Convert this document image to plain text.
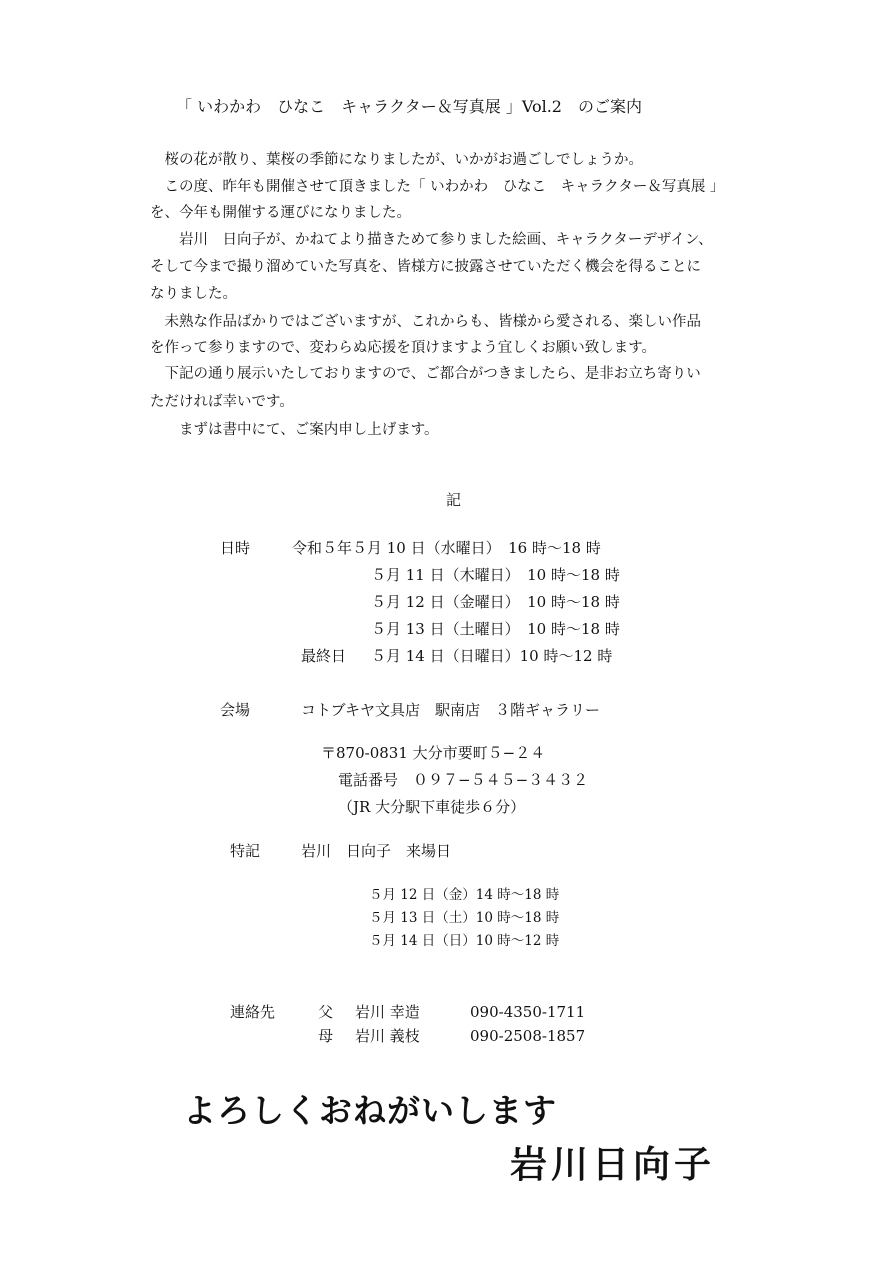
「 いわかわ　ひなこ　キャラクター＆写真展 」Vol.2　のご案内
　桜の花が散り、葉桜の季節になりましたが、いかがお過ごしでしょうか。
　この度、昨年も開催させて頂きました「 いわかわ　ひなこ　キャラクター＆写真展 」
を、今年も開催する運びになりました。
　　岩川　日向子が、かねてより描きためて参りました絵画、キャラクターデザイン、
そして今まで撮り溜めていた写真を、皆様方に披露させていただく機会を得ることに
なりました。
　未熟な作品ばかりではございますが、これからも、皆様から愛される、楽しい作品
を作って参りますので、変わらぬ応援を頂けますよう宜しくお願い致します。
　下記の通り展示いたしておりますので、ご都合がつきましたら、是非お立ち寄りい
ただければ幸いです。
　　まずは書中にて、ご案内申し上げます。
記
日時	令和５年５月 10 日（水曜日）　16 時〜18 時
５月 11 日（木曜日）　10 時〜18 時
５月 12 日（金曜日）　10 時〜18 時
５月 13 日（土曜日）　10 時〜18 時
最終日 ５月 14 日（日曜日）10 時〜12 時
会場	コトブキヤ文具店　駅南店　３階ギャラリー
〒870-0831 大分市要町５−２４
電話番号　０９７−５４５−３４３２
（JR 大分駅下車徒歩６分）
特記	岩川　日向子　来場日
５月 12 日（金）14 時〜18 時
５月 13 日（土）10 時〜18 時
５月 14 日（日）10 時〜12 時
連絡先	父 岩川 幸造	090-4350-1711
母 岩川 義枝	090-2508-1857
よろしくおねがいします
岩川日向子
